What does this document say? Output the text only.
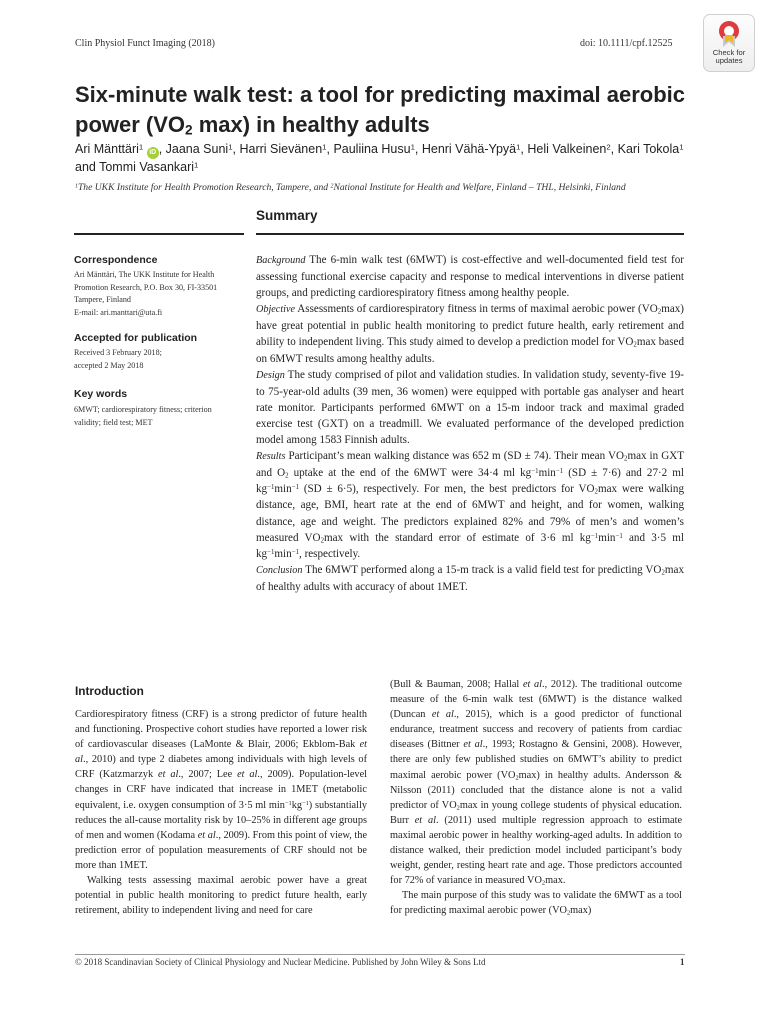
Clin Physiol Funct Imaging (2018)	doi: 10.1111/cpf.12525
Check for
updates
Six-minute walk test: a tool for predicting maximal aerobic power ($VO_2$ max) in healthy adults
Ari Mänttäri$^1$ iD , Jaana Suni$^1$, Harri Sievänen$^1$, Pauliina Husu$^1$, Henri Vähä-Ypyä$^1$, Heli Valkeinen$^2$, Kari Tokola$^1$ and Tommi Vasankari$^1$
$^1$The UKK Institute for Health Promotion Research, Tampere, and $^2$National Institute for Health and Welfare, Finland – THL, Helsinki, Finland
Summary
Correspondence
Ari Mänttäri, The UKK Institute for Health
Promotion Research, P.O. Box 30, FI-33501
Tampere, Finland
E-mail: ari.manttari@uta.fi
Accepted for publication
Received 3 February 2018;
accepted 2 May 2018
Key words
6MWT; cardiorespiratory fitness; criterion
validity; field test; MET

Background The 6-min walk test (6MWT) is cost-effective and well-documented field test for assessing functional exercise capacity and response to medical interventions in diverse patient groups, and predicting cardiorespiratory fitness among healthy people.

Objective Assessments of cardiorespiratory fitness in terms of maximal aerobic power $(VO_2\max)$ have great potential in public health monitoring to predict future health, early retirement and ability to independent living. This study aimed to develop a prediction model for $VO_2\max$ based on 6MWT results among healthy adults.

Design The study comprised of pilot and validation studies. In validation study, seventy-five 19- to 75-year-old adults (39 men, 36 women) were equipped with portable gas analyser and heart rate monitor. Participants performed 6MWT on a 15-m indoor track and maximal graded exercise test (GXT) on a treadmill. We evaluated performance of the developed prediction model among 1583 Finnish adults.

Results Participant’s mean walking distance was 652 m (SD ± 74). Their mean $VO_2\max$ in GXT and $O_2$ uptake at the end of the 6MWT were 34·4 ml $kg^{-1}\min^{-1}$ (SD ± 7·6) and 27·2 ml $kg^{-1}\min^{-1}$ (SD ± 6·5), respectively. For men, the best predictors for $VO_2\max$ were walking distance, age, BMI, heart rate at the end of 6MWT and height, and for women, walking distance, age and weight. The predictors explained 82% and 79% of men’s and women’s measured $VO_2\max$ with the standard error of estimate of 3·6 ml $kg^{-1}\min^{-1}$ and 3·5 ml $kg^{-1}\min^{-1}$, respectively.

Conclusion The 6MWT performed along a 15-m track is a valid field test for predicting $VO_2\max$ of healthy adults with accuracy of about 1MET.

Introduction

Cardiorespiratory fitness (CRF) is a strong predictor of future health and functioning. Prospective cohort studies have reported a lower risk of cardiovascular diseases (LaMonte & Blair, 2006; Ekblom-Bak et al., 2010) and type 2 diabetes among individuals with high levels of CRF (Katzmarzyk et al., 2007; Lee et al., 2009). Population-level changes in CRF have indicated that increase in 1MET (metabolic equivalent, i.e. oxygen consumption of 3·5 ml $\min^{-1}kg^{-1}$) substantially reduces the all-cause mortality risk by 10–25% in different age groups of men and women (Kodama et al., 2009). From this point of view, the prediction error of population measurements of CRF should not be more than 1MET.

Walking tests assessing maximal aerobic power have a great potential in public health monitoring to predict future health, early retirement, ability to independent living and need for care

(Bull & Bauman, 2008; Hallal et al., 2012). The traditional outcome measure of the 6-min walk test (6MWT) is the distance walked (Duncan et al., 2015), which is a good predictor of functional endurance, treatment success and recovery of patients from cardiac diseases (Bittner et al., 1993; Rostagno & Gensini, 2008). However, there are only few published studies on 6MWT’s ability to predict maximal aerobic power $(VO_2\max)$ in healthy adults. Andersson & Nilsson (2011) concluded that the distance alone is not a valid predictor of $VO_2\max$ in young college students of physical education. Burr et al. (2011) used multiple regression approach to estimate maximal aerobic power in healthy working-aged adults. In addition to distance walked, their prediction model included participant’s body weight, gender, resting heart rate and age. Those predictors accounted for 72% of variance in measured $VO_2\max$.

The main purpose of this study was to validate the 6MWT as a tool for predicting maximal aerobic power $(VO_2\max)$

© 2018 Scandinavian Society of Clinical Physiology and Nuclear Medicine. Published by John Wiley & Sons Ltd	1
